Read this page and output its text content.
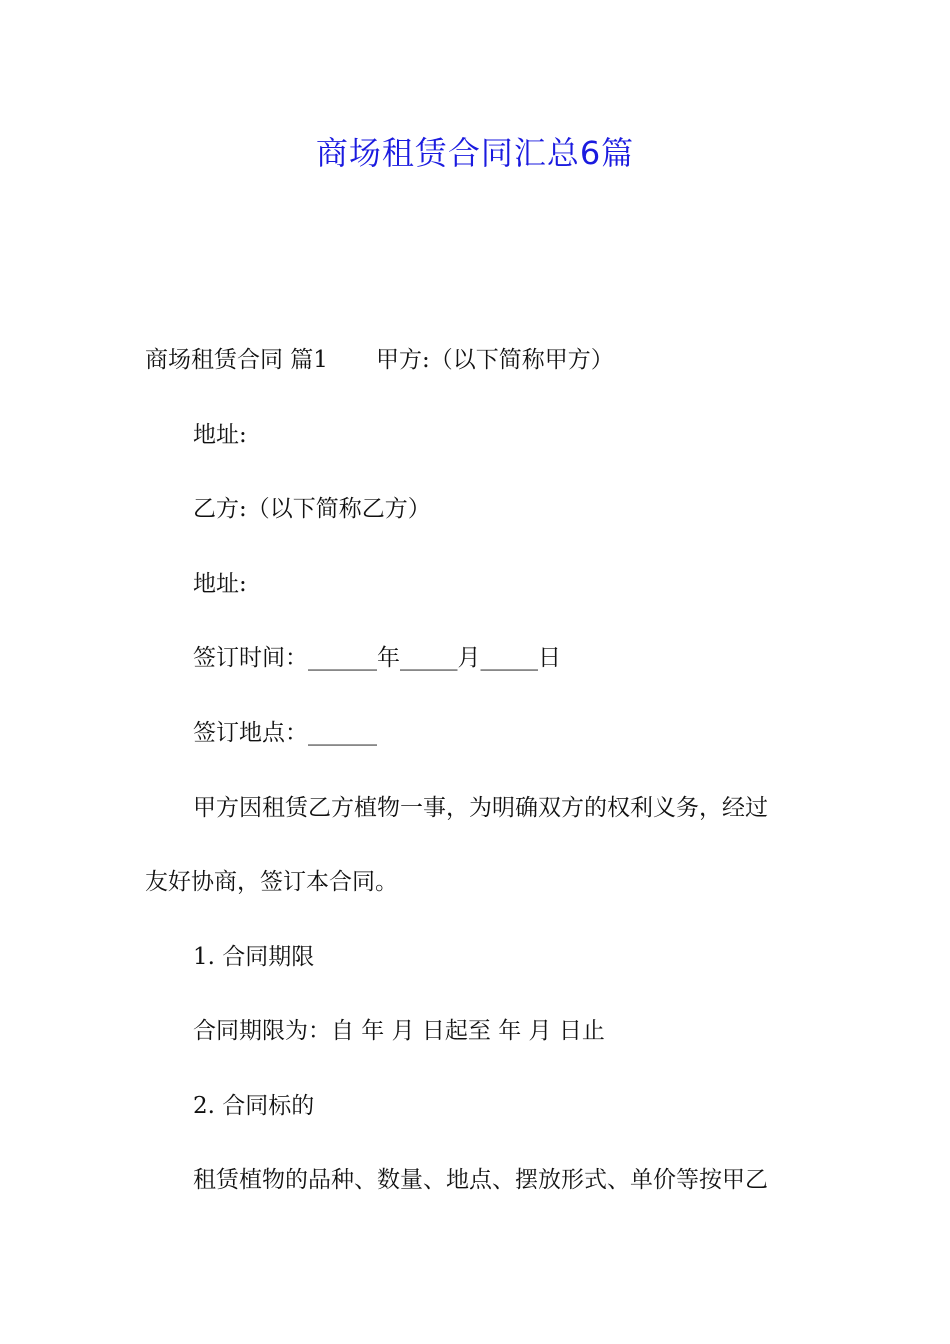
商场租赁合同汇总6篇
商场租赁合同 篇1 甲方:（以下简称甲方）
地址:
乙方:（以下简称乙方）
地址:
签订时间：______年_____月_____日
签订地点：______
甲方因租赁乙方植物一事，为明确双方的权利义务，经过
友好协商，签订本合同。
1. 合同期限
合同期限为：自 年 月 日起至 年 月 日止
2. 合同标的
租赁植物的品种、数量、地点、摆放形式、单价等按甲乙
